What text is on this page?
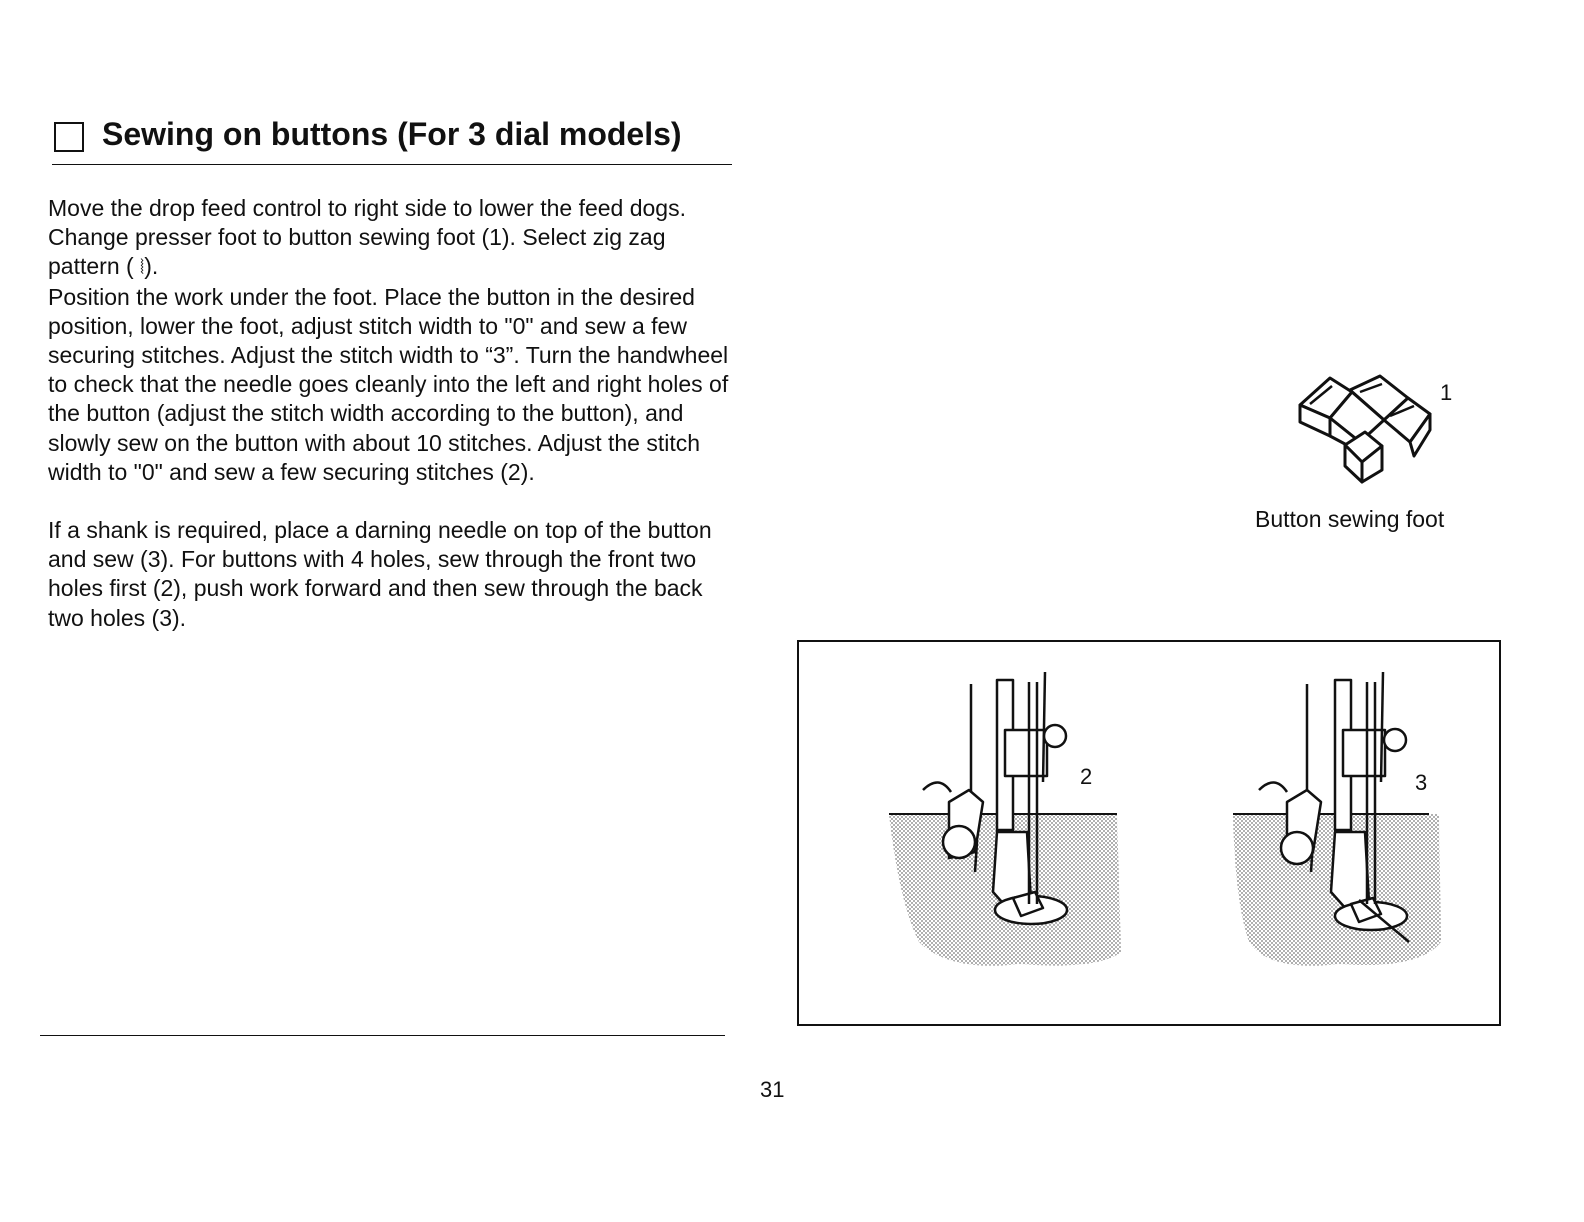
Sewing on buttons (For 3 dial models)

Move the drop feed control to right side to lower the feed dogs.
Change presser foot to button sewing foot (1). Select zig zag pattern ( ⦚).
Position the work under the foot. Place the button in the desired position, lower the foot, adjust stitch width to "0" and sew a few securing stitches. Adjust the stitch width to “3”. Turn the handwheel to check that the needle goes cleanly into the left and right holes of the button (adjust the stitch width according to the button), and slowly sew on the button with about 10 stitches. Adjust the stitch width to "0" and sew a few securing stitches (2).

If a shank is required, place a darning needle on top of the button and sew (3). For buttons with 4 holes, sew through the front two holes first (2), push work forward and then sew through the back two holes (3).

1
Button sewing foot
2	3
31
